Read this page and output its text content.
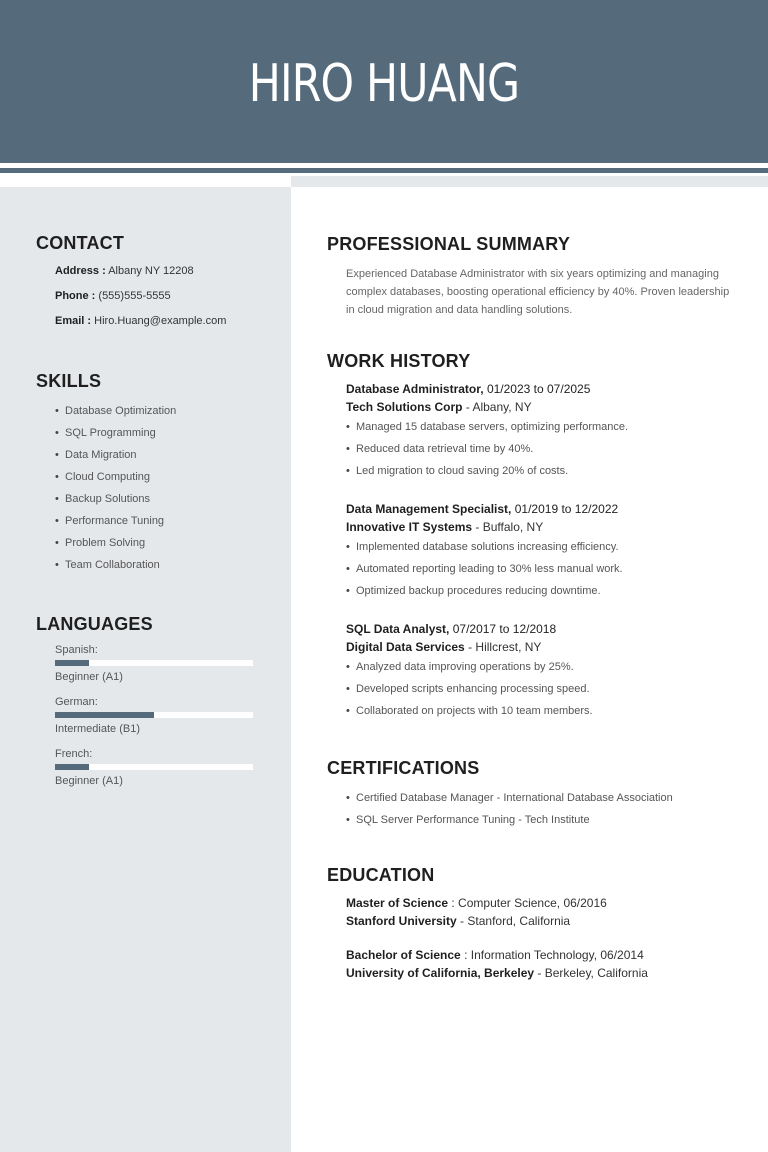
HIRO HUANG
CONTACT
Address : Albany NY 12208
Phone : (555)555-5555
Email : Hiro.Huang@example.com
SKILLS
• Database Optimization
• SQL Programming
• Data Migration
• Cloud Computing
• Backup Solutions
• Performance Tuning
• Problem Solving
• Team Collaboration
LANGUAGES
Spanish:
Beginner (A1)
German:
Intermediate (B1)
French:
Beginner (A1)
PROFESSIONAL SUMMARY
Experienced Database Administrator with six years optimizing and managing complex databases, boosting operational efficiency by 40%. Proven leadership in cloud migration and data handling solutions.
WORK HISTORY
Database Administrator, 01/2023 to 07/2025
Tech Solutions Corp - Albany, NY
• Managed 15 database servers, optimizing performance.
• Reduced data retrieval time by 40%.
• Led migration to cloud saving 20% of costs.
Data Management Specialist, 01/2019 to 12/2022
Innovative IT Systems - Buffalo, NY
• Implemented database solutions increasing efficiency.
• Automated reporting leading to 30% less manual work.
• Optimized backup procedures reducing downtime.
SQL Data Analyst, 07/2017 to 12/2018
Digital Data Services - Hillcrest, NY
• Analyzed data improving operations by 25%.
• Developed scripts enhancing processing speed.
• Collaborated on projects with 10 team members.
CERTIFICATIONS
• Certified Database Manager - International Database Association
• SQL Server Performance Tuning - Tech Institute
EDUCATION
Master of Science : Computer Science, 06/2016
Stanford University - Stanford, California
Bachelor of Science : Information Technology, 06/2014
University of California, Berkeley - Berkeley, California
